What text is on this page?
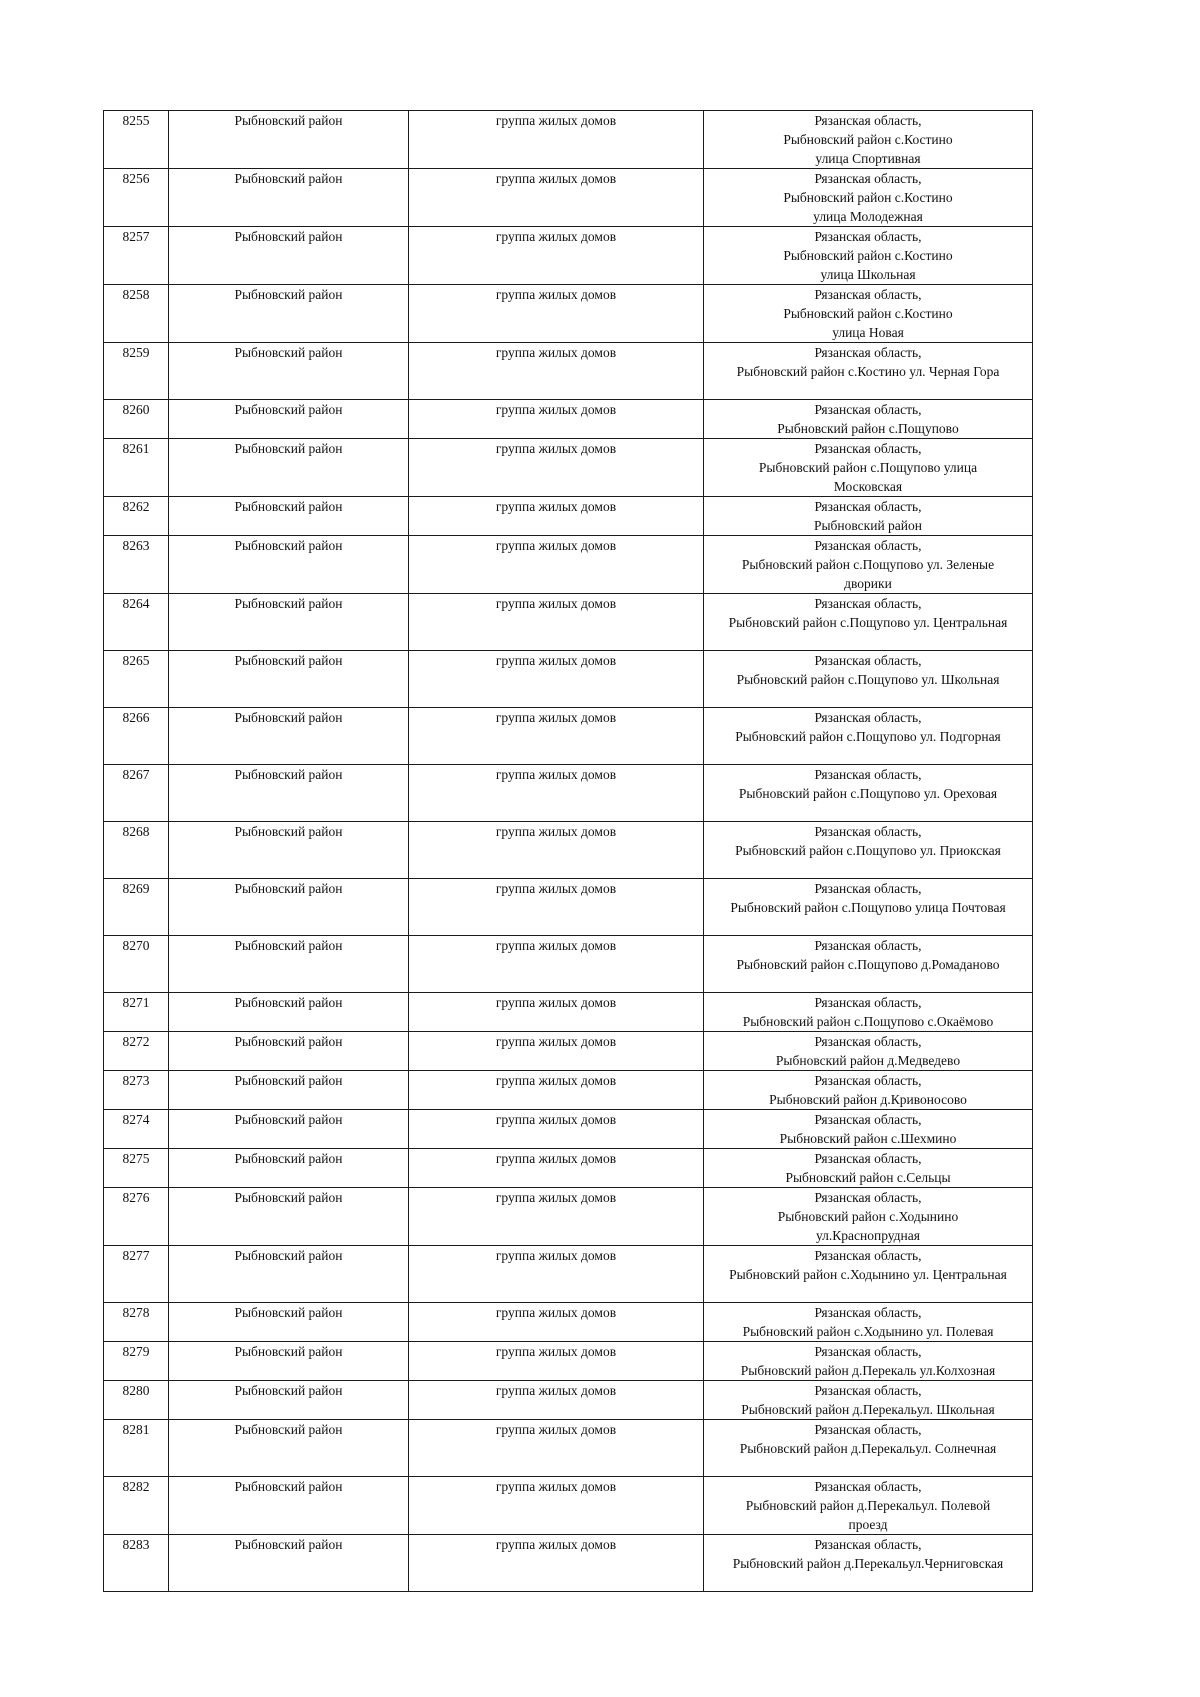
8255	Рыбновский район	группа жилых домов	Рязанская область,
Рыбновский район с.Костино
улица Спортивная

8256	Рыбновский район	группа жилых домов	Рязанская область,
Рыбновский район с.Костино
улица Молодежная

8257	Рыбновский район	группа жилых домов	Рязанская область,
Рыбновский район с.Костино
улица Школьная

8258	Рыбновский район	группа жилых домов	Рязанская область,
Рыбновский район с.Костино
улица Новая

8259	Рыбновский район	группа жилых домов	Рязанская область,
Рыбновский район с.Костино ул. Черная Гора

8260	Рыбновский район	группа жилых домов	Рязанская область,
Рыбновский район с.Пощупово

8261	Рыбновский район	группа жилых домов	Рязанская область,
Рыбновский район с.Пощупово улица
Московская

8262	Рыбновский район	группа жилых домов	Рязанская область,
Рыбновский район

8263	Рыбновский район	группа жилых домов	Рязанская область,
Рыбновский район с.Пощупово ул. Зеленые
дворики

8264	Рыбновский район	группа жилых домов	Рязанская область,
Рыбновский район с.Пощупово ул. Центральная

8265	Рыбновский район	группа жилых домов	Рязанская область,
Рыбновский район с.Пощупово ул. Школьная

8266	Рыбновский район	группа жилых домов	Рязанская область,
Рыбновский район с.Пощупово ул. Подгорная

8267	Рыбновский район	группа жилых домов	Рязанская область,
Рыбновский район с.Пощупово ул. Ореховая

8268	Рыбновский район	группа жилых домов	Рязанская область,
Рыбновский район с.Пощупово ул. Приокская

8269	Рыбновский район	группа жилых домов	Рязанская область,
Рыбновский район с.Пощупово улица Почтовая

8270	Рыбновский район	группа жилых домов	Рязанская область,
Рыбновский район с.Пощупово д.Ромаданово

8271	Рыбновский район	группа жилых домов	Рязанская область,
Рыбновский район с.Пощупово с.Окаёмово

8272	Рыбновский район	группа жилых домов	Рязанская область,
Рыбновский район д.Медведево

8273	Рыбновский район	группа жилых домов	Рязанская область,
Рыбновский район д.Кривоносово

8274	Рыбновский район	группа жилых домов	Рязанская область,
Рыбновский район с.Шехмино

8275	Рыбновский район	группа жилых домов	Рязанская область,
Рыбновский район с.Сельцы

8276	Рыбновский район	группа жилых домов	Рязанская область,
Рыбновский район с.Ходынино
ул.Краснопрудная

8277	Рыбновский район	группа жилых домов	Рязанская область,
Рыбновский район с.Ходынино ул. Центральная

8278	Рыбновский район	группа жилых домов	Рязанская область,
Рыбновский район с.Ходынино ул. Полевая

8279	Рыбновский район	группа жилых домов	Рязанская область,
Рыбновский район д.Перекаль ул.Колхозная

8280	Рыбновский район	группа жилых домов	Рязанская область,
Рыбновский район д.Перекальул. Школьная

8281	Рыбновский район	группа жилых домов	Рязанская область,
Рыбновский район д.Перекальул. Солнечная

8282	Рыбновский район	группа жилых домов	Рязанская область,
Рыбновский район д.Перекальул. Полевой
проезд

8283	Рыбновский район	группа жилых домов	Рязанская область,
Рыбновский район д.Перекальул.Черниговская
